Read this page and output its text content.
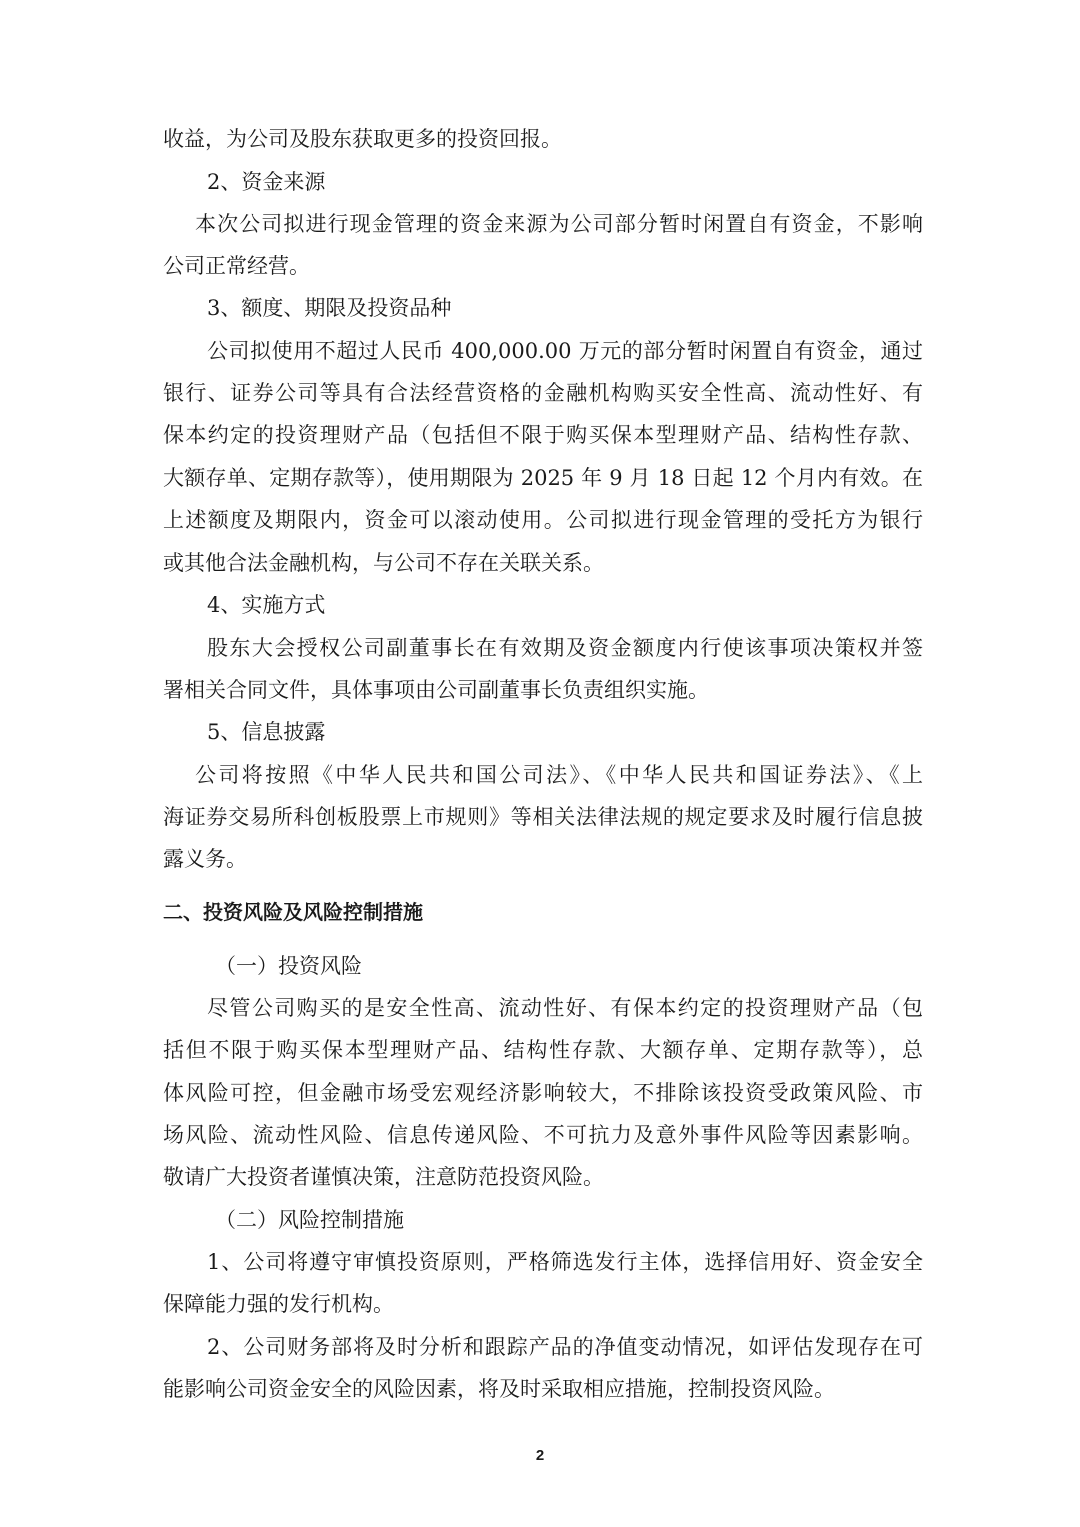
收益，为公司及股东获取更多的投资回报。
2、资金来源
本次公司拟进行现金管理的资金来源为公司部分暂时闲置自有资金，不影响
公司正常经营。
3、额度、期限及投资品种
公司拟使用不超过人民币 400,000.00 万元的部分暂时闲置自有资金，通过
银行、证券公司等具有合法经营资格的金融机构购买安全性高、流动性好、有
保本约定的投资理财产品（包括但不限于购买保本型理财产品、结构性存款、
大额存单、定期存款等），使用期限为 2025 年 9 月 18 日起 12 个月内有效。在
上述额度及期限内，资金可以滚动使用。公司拟进行现金管理的受托方为银行
或其他合法金融机构，与公司不存在关联关系。
4、实施方式
股东大会授权公司副董事长在有效期及资金额度内行使该事项决策权并签
署相关合同文件，具体事项由公司副董事长负责组织实施。
5、信息披露
公司将按照《中华人民共和国公司法》、《中华人民共和国证券法》、《上
海证券交易所科创板股票上市规则》等相关法律法规的规定要求及时履行信息披
露义务。
二、投资风险及风险控制措施
（一）投资风险
尽管公司购买的是安全性高、流动性好、有保本约定的投资理财产品（包
括但不限于购买保本型理财产品、结构性存款、大额存单、定期存款等），总
体风险可控，但金融市场受宏观经济影响较大，不排除该投资受政策风险、市
场风险、流动性风险、信息传递风险、不可抗力及意外事件风险等因素影响。
敬请广大投资者谨慎决策，注意防范投资风险。
（二）风险控制措施
1、公司将遵守审慎投资原则，严格筛选发行主体，选择信用好、资金安全
保障能力强的发行机构。
2、公司财务部将及时分析和跟踪产品的净值变动情况，如评估发现存在可
能影响公司资金安全的风险因素，将及时采取相应措施，控制投资风险。
2
